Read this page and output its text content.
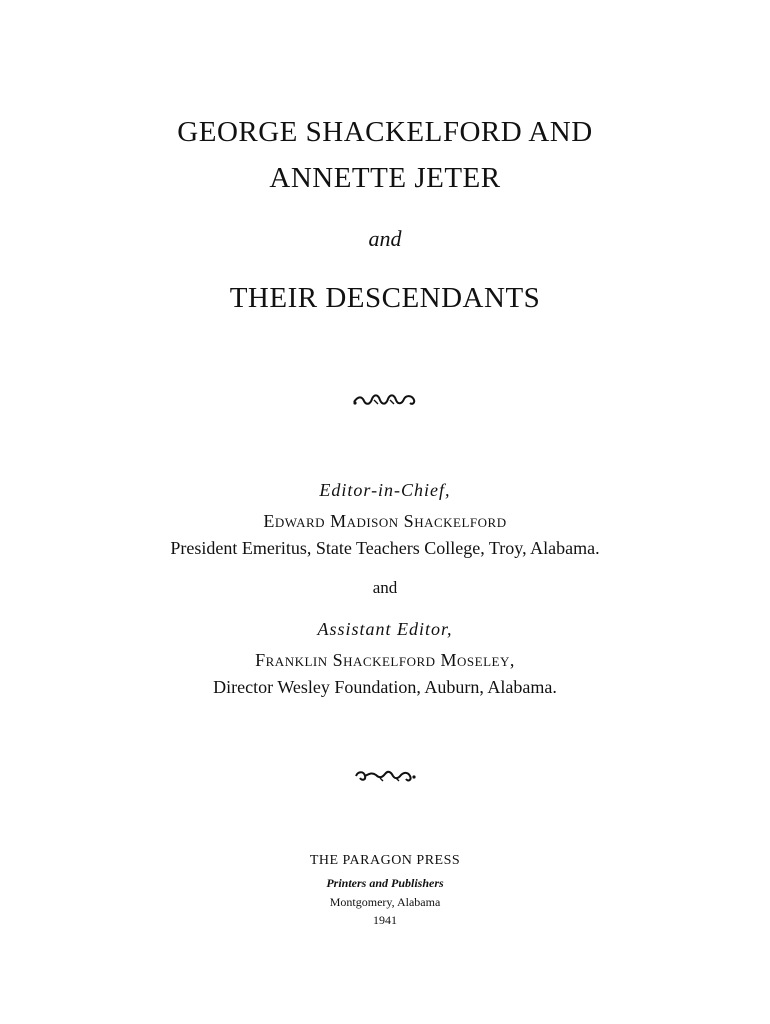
GEORGE SHACKELFORD AND
ANNETTE JETER
and
THEIR DESCENDANTS
Editor-in-Chief,
Edward Madison Shackelford
President Emeritus, State Teachers College, Troy, Alabama.
and
Assistant Editor,
Franklin Shackelford Moseley,
Director Wesley Foundation, Auburn, Alabama.
THE PARAGON PRESS
Printers and Publishers
Montgomery, Alabama
1941
